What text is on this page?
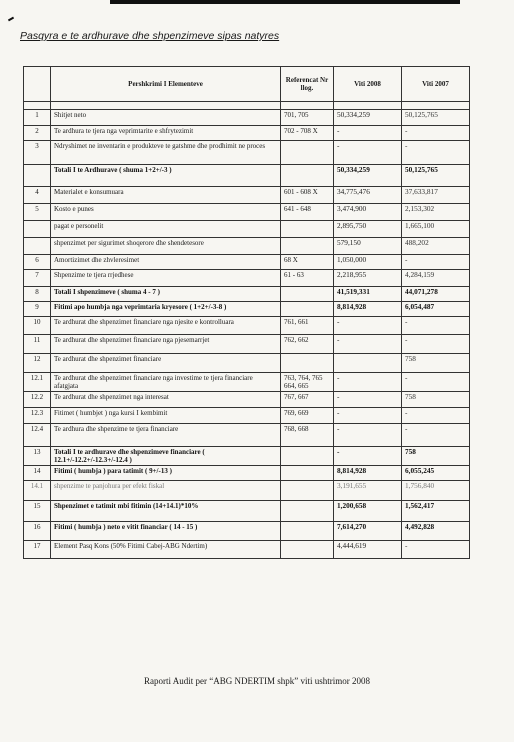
Pasqyra e te ardhurave dhe shpenzimeve sipas natyres
	Pershkrimi I Elementeve	Referencat Nr llog.	Viti 2008	Viti 2007

1	Shitjet neto	701, 705	50,334,259	50,125,765
2	Te ardhura te tjera nga veprimtarite e shfrytezimit	702 - 708 X	-	-
3	Ndryshimet ne inventarin e produkteve te gatshme dhe prodhimit ne proces		-	-
	Totali I te Ardhurave ( shuma 1+2+/-3 )		50,334,259	50,125,765
4	Materialet e konsumuara	601 - 608 X	34,775,476	37,633,817
5	Kosto e punes	641 - 648	3,474,900	2,153,302
	pagat e personelit		2,895,750	1,665,100
	shpenzimet per sigurimet shoqerore dhe shendetesore		579,150	488,202
6	Amortizimet dhe zhvleresimet	68 X	1,050,000	-
7	Shpenzime te tjera rrjedhese	61 - 63	2,218,955	4,284,159
8	Totali I shpenzimeve ( shuma 4 - 7 )		41,519,331	44,071,278
9	Fitimi apo humbja nga veprimtaria kryesore ( 1+2+/-3-8 )		8,814,928	6,054,487
10	Te ardhurat dhe shpenzimet financiare nga njesite e kontrolluara	761, 661	-	-
11	Te ardhurat dhe shpenzimet financiare nga pjesemarrjet	762, 662	-	-
12	Te ardhurat dhe shpenzimet financiare			758
12.1	Te ardhurat dhe shpenzimet financiare nga investime te tjera financiare afatgjata	763, 764, 765 664, 665	-	-
12.2	Te ardhurat dhe shpenzimet nga interesat	767, 667	-	758
12.3	Fitimet ( humbjet ) nga kursi I kembimit	769, 669	-	-
12.4	Te ardhura dhe shpenzime te tjera financiare	768, 668	-	-
13	Totali I te ardhurave dhe shpenzimeve financiare ( 12.1+/-12.2+/-12.3+/-12.4 )		-	758
14	Fitimi ( humbja ) para tatimit ( 9+/-13 )		8,814,928	6,055,245
14.1	shpenzime te panjohura per efekt fiskal		3,191,655	1,756,840
15	Shpenzimet e tatimit mbi fitimin (14+14.1)*10%		1,200,658	1,562,417
16	Fitimi ( humbja ) neto e vitit financiar ( 14 - 15 )		7,614,270	4,492,828
17	Element Pasq Kons (50% Fitimi Cabej-ABG Ndertim)		4,444,619	-
Raporti Audit per “ABG NDERTIM shpk” viti ushtrimor 2008
